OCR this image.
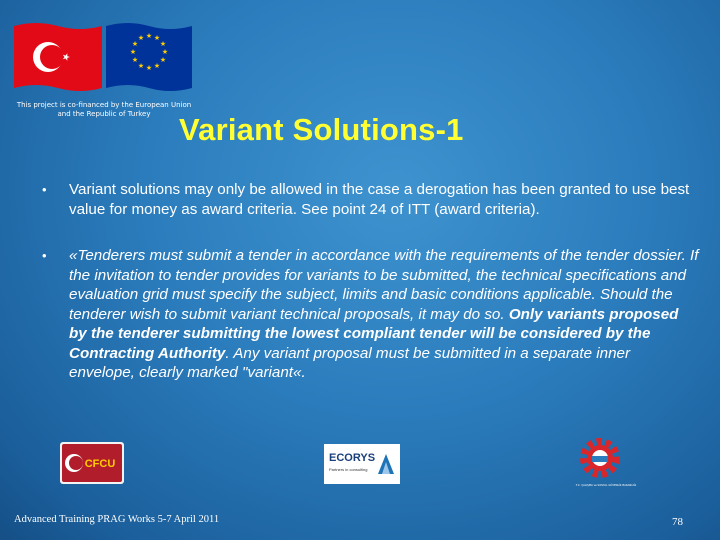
★ ★
★
★
★
★
★
★
★
★
★
★
This project is co-financed by the European Union
and the Republic of Turkey Variant Solutions-1
• Variant solutions may only be allowed in the case a derogation has been granted to use best value for money as award criteria. See point 24 of ITT (award criteria).
• «Tenderers must submit a tender in accordance with the requirements of the tender dossier. If the invitation to tender provides for variants to be submitted, the technical specifications and evaluation grid must specify the subject, limits and basic conditions applicable. Should the tenderer wish to submit variant technical proposals, it may do so. Only variants proposed by the tenderer submitting the lowest compliant tender will be considered by the Contracting Authority. Any variant proposal must be submitted in a separate inner envelope, clearly marked "variant«.
CFCU	ECORYS
Partners in consulting
T.C. ÇALIŞMA ve SOSYAL GÜVENLİK BAKANLIĞI
Advanced Training PRAG Works 5-7 April 2011	78
